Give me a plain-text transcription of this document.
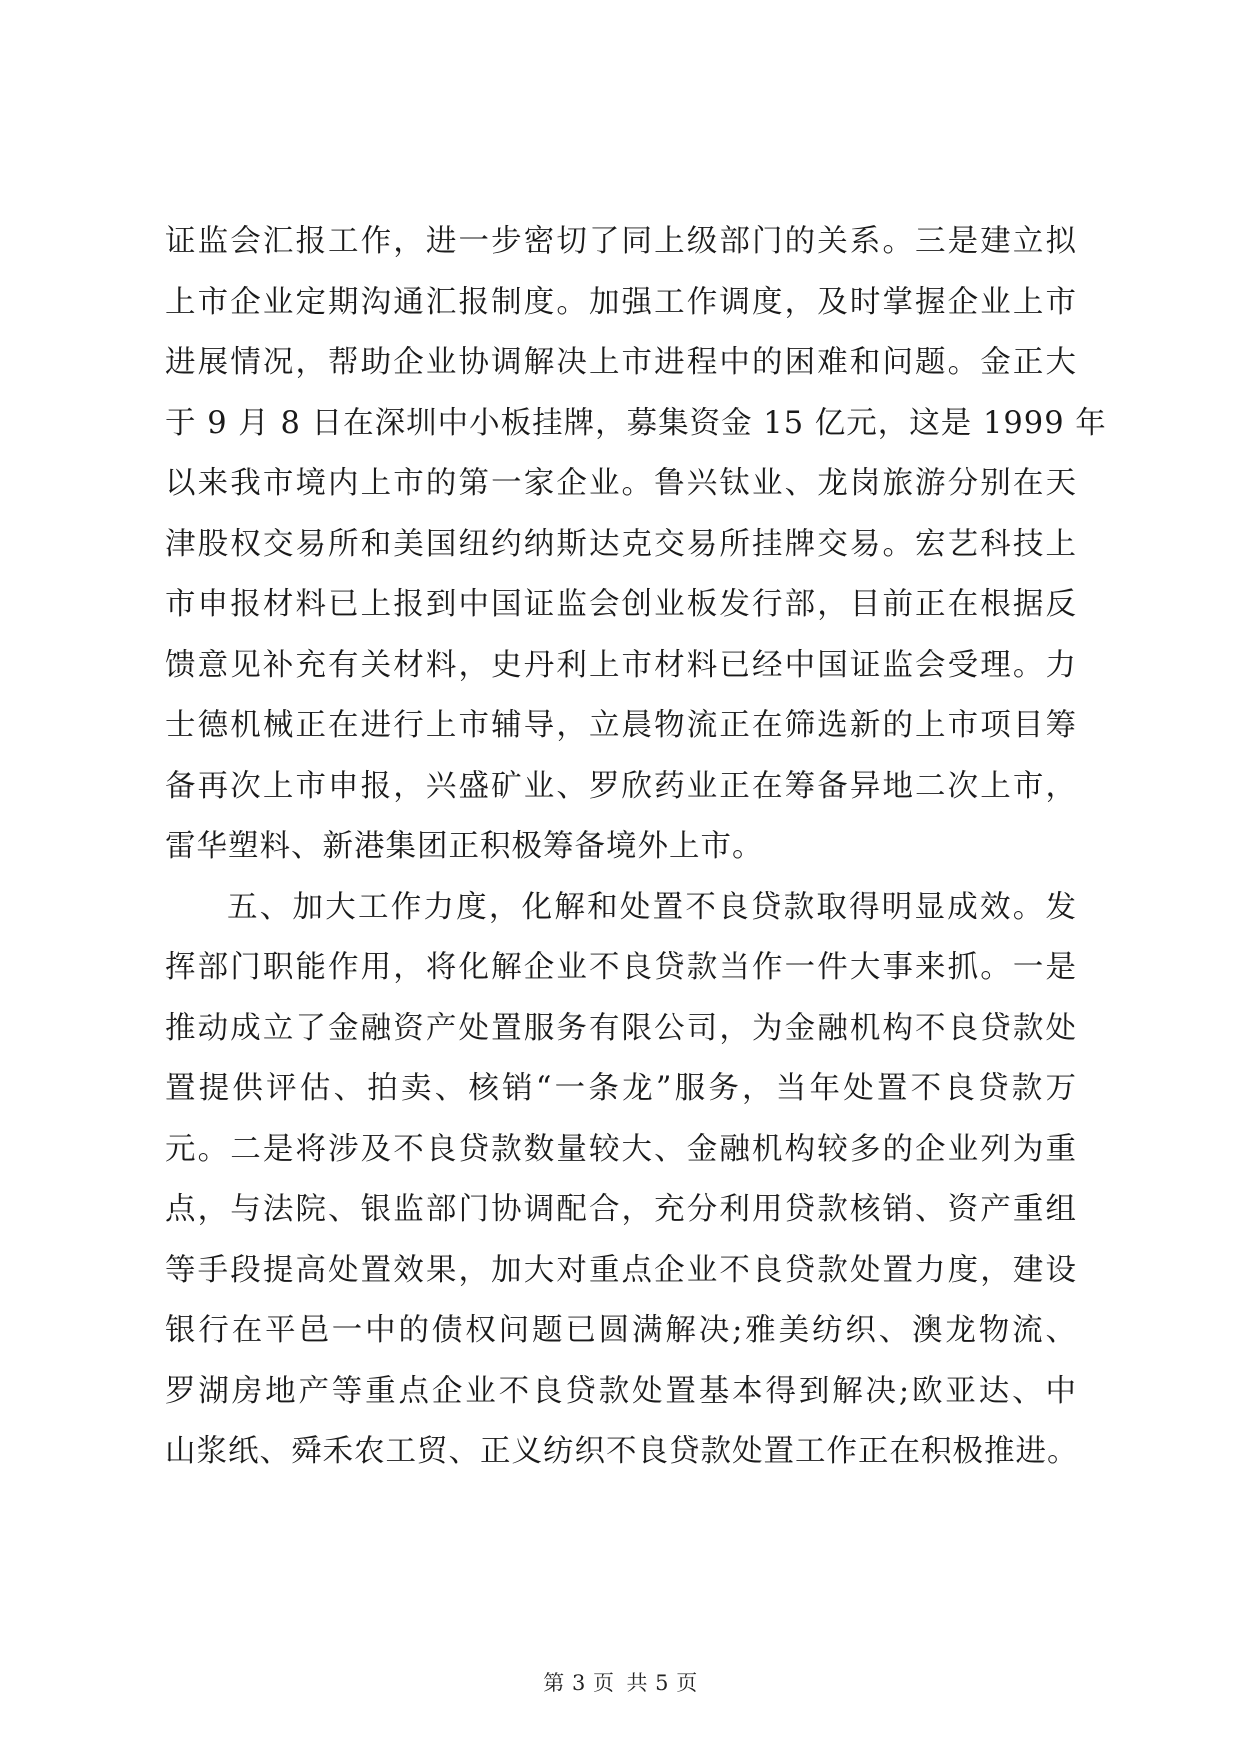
证监会汇报工作，进一步密切了同上级部门的关系。三是建立拟
上市企业定期沟通汇报制度。加强工作调度，及时掌握企业上市
进展情况，帮助企业协调解决上市进程中的困难和问题。金正大
于 9 月 8 日在深圳中小板挂牌，募集资金 15 亿元，这是 1999 年
以来我市境内上市的第一家企业。鲁兴钛业、龙岗旅游分别在天
津股权交易所和美国纽约纳斯达克交易所挂牌交易。宏艺科技上
市申报材料已上报到中国证监会创业板发行部，目前正在根据反
馈意见补充有关材料，史丹利上市材料已经中国证监会受理。力
士德机械正在进行上市辅导，立晨物流正在筛选新的上市项目筹
备再次上市申报，兴盛矿业、罗欣药业正在筹备异地二次上市，
雷华塑料、新港集团正积极筹备境外上市。
五、加大工作力度，化解和处置不良贷款取得明显成效。发
挥部门职能作用，将化解企业不良贷款当作一件大事来抓。一是
推动成立了金融资产处置服务有限公司，为金融机构不良贷款处
置提供评估、拍卖、核销“一条龙”服务，当年处置不良贷款万
元。二是将涉及不良贷款数量较大、金融机构较多的企业列为重
点，与法院、银监部门协调配合，充分利用贷款核销、资产重组
等手段提高处置效果，加大对重点企业不良贷款处置力度，建设
银行在平邑一中的债权问题已圆满解决;雅美纺织、澳龙物流、
罗湖房地产等重点企业不良贷款处置基本得到解决;欧亚达、中
山浆纸、舜禾农工贸、正义纺织不良贷款处置工作正在积极推进。
第 3 页 共 5 页
